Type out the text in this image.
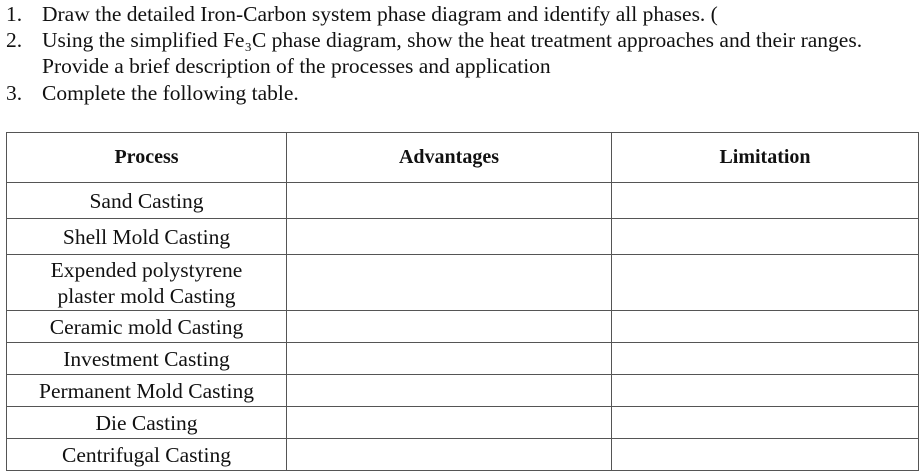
1. Draw the detailed Iron-Carbon system phase diagram and identify all phases. (
2. Using the simplified Fe₃C phase diagram, show the heat treatment approaches and their ranges.
Provide a brief description of the processes and application
3. Complete the following table.
Process	Advantages	Limitation
Sand Casting		
Shell Mold Casting		
Expended polystyrene
plaster mold Casting		
Ceramic mold Casting		
Investment Casting		
Permanent Mold Casting		
Die Casting		
Centrifugal Casting		
